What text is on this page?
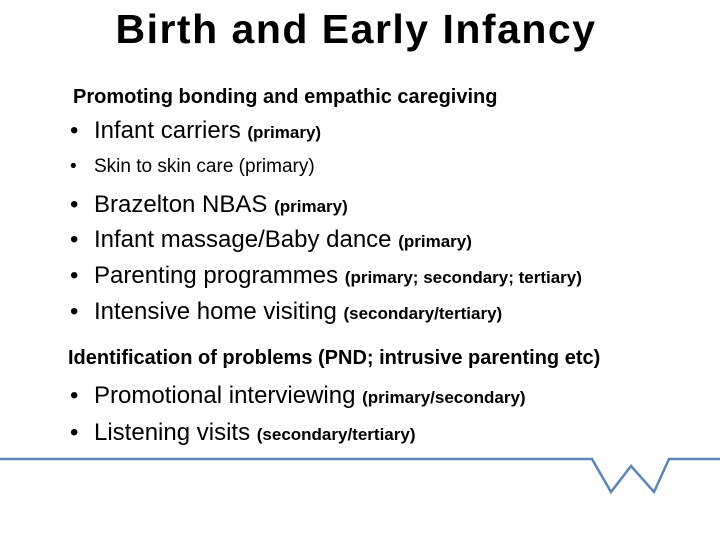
Birth and Early Infancy
Promoting bonding and empathic caregiving
• Infant carriers (primary)
• Skin to skin care (primary)
• Brazelton NBAS (primary)
• Infant massage/Baby dance (primary)
• Parenting programmes (primary; secondary; tertiary)
• Intensive home visiting (secondary/tertiary)
Identification of problems (PND; intrusive parenting etc)
• Promotional interviewing (primary/secondary)
• Listening visits (secondary/tertiary)
